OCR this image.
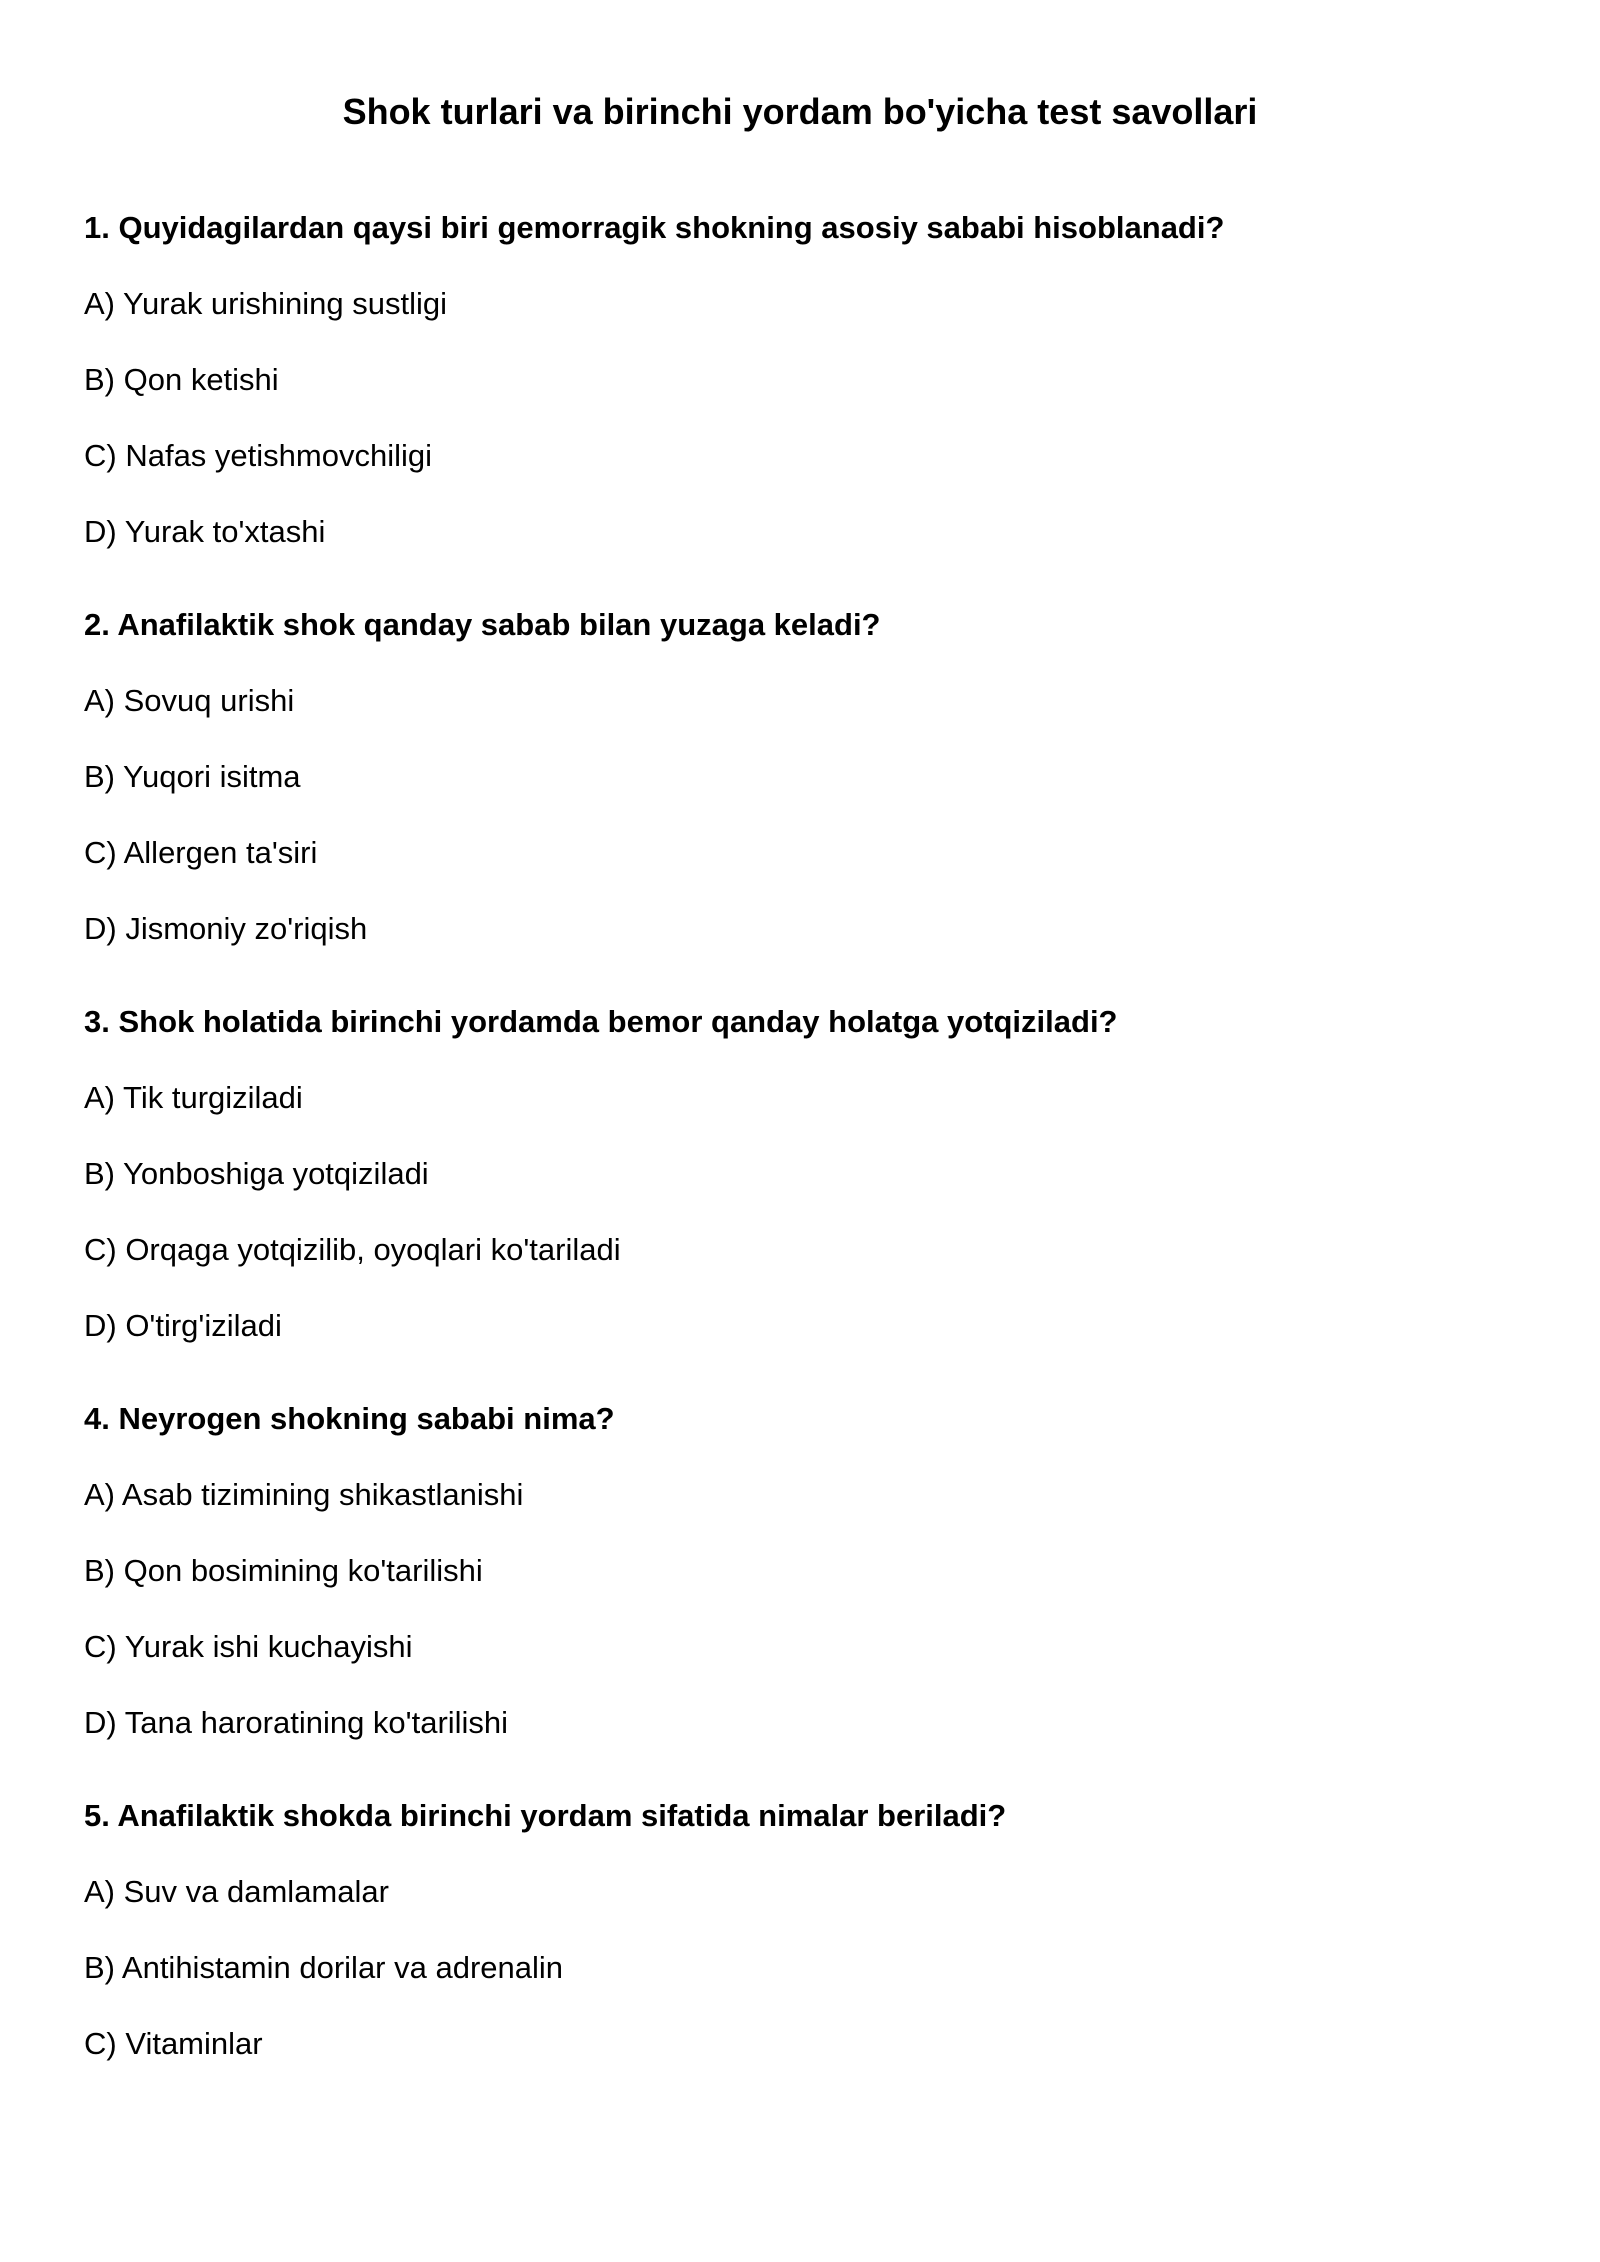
Shok turlari va birinchi yordam bo'yicha test savollari
1. Quyidagilardan qaysi biri gemorragik shokning asosiy sababi hisoblanadi?
A) Yurak urishining sustligi
B) Qon ketishi
C) Nafas yetishmovchiligi
D) Yurak to'xtashi
2. Anafilaktik shok qanday sabab bilan yuzaga keladi?
A) Sovuq urishi
B) Yuqori isitma
C) Allergen ta'siri
D) Jismoniy zo'riqish
3. Shok holatida birinchi yordamda bemor qanday holatga yotqiziladi?
A) Tik turgiziladi
B) Yonboshiga yotqiziladi
C) Orqaga yotqizilib, oyoqlari ko'tariladi
D) O'tirg'iziladi
4. Neyrogen shokning sababi nima?
A) Asab tizimining shikastlanishi
B) Qon bosimining ko'tarilishi
C) Yurak ishi kuchayishi
D) Tana haroratining ko'tarilishi
5. Anafilaktik shokda birinchi yordam sifatida nimalar beriladi?
A) Suv va damlamalar
B) Antihistamin dorilar va adrenalin
C) Vitaminlar
